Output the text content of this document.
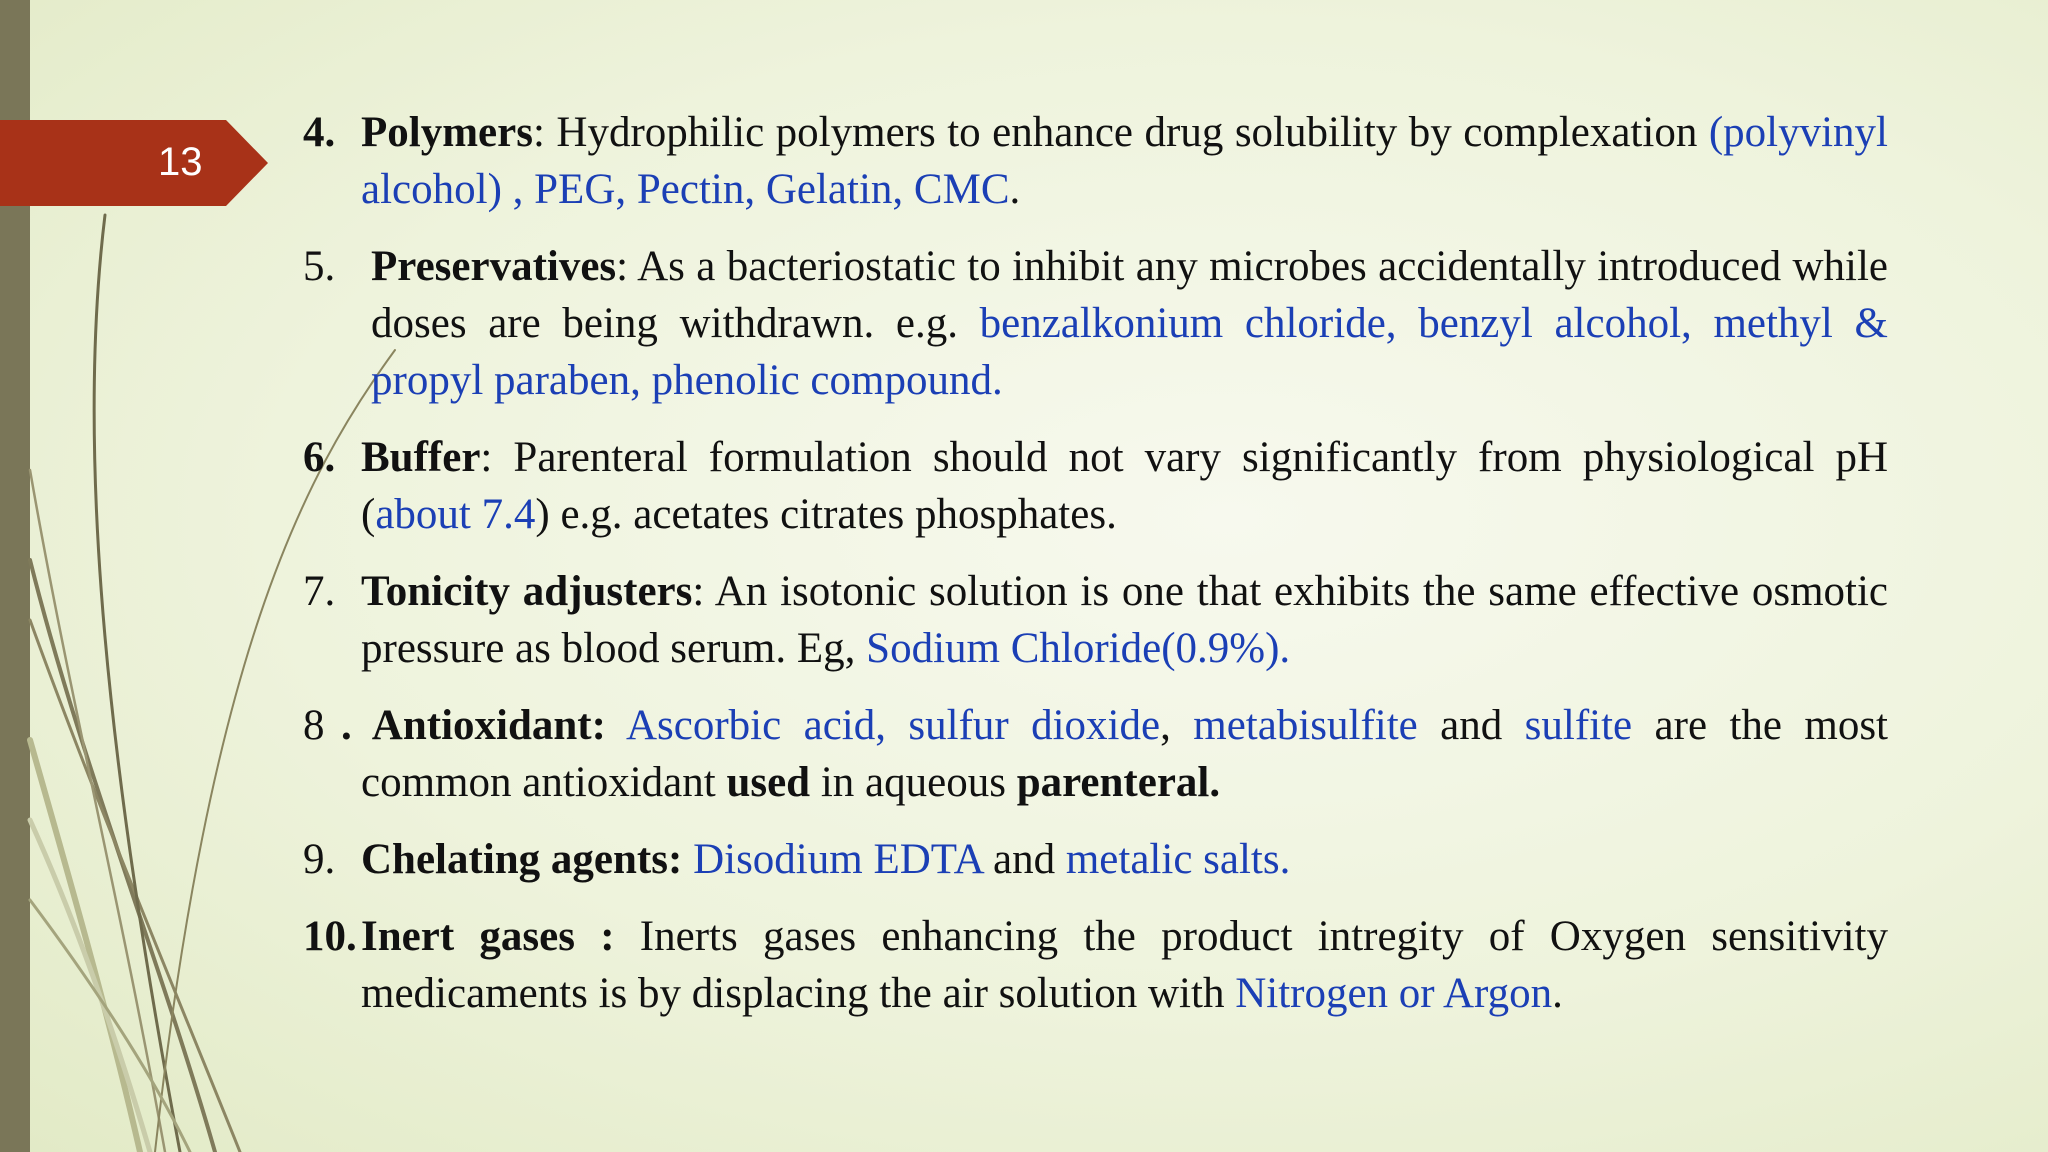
13
4. Polymers: Hydrophilic polymers to enhance drug solubility by complexation (polyvinyl alcohol) , PEG, Pectin, Gelatin, CMC.
5. Preservatives: As a bacteriostatic to inhibit any microbes accidentally introduced while doses are being withdrawn. e.g. benzalkonium chloride, benzyl alcohol, methyl & propyl paraben, phenolic compound.
6. Buffer: Parenteral formulation should not vary significantly from physiological pH (about 7.4) e.g. acetates citrates phosphates.
7. Tonicity adjusters: An isotonic solution is one that exhibits the same effective osmotic pressure as blood serum. Eg, Sodium Chloride(0.9%).
8 . Antioxidant: Ascorbic acid, sulfur dioxide, metabisulfite and sulfite are the most common antioxidant used in aqueous parenteral.
9. Chelating agents: Disodium EDTA and metalic salts.
10. Inert gases : Inerts gases enhancing the product intregity of Oxygen sensitivity medicaments is by displacing the air solution with Nitrogen or Argon.
